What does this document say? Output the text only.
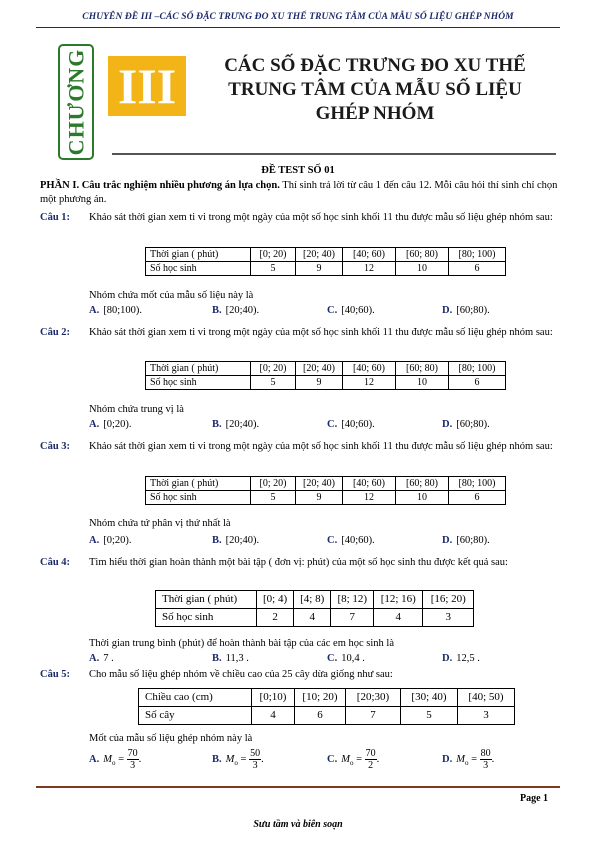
CHUYÊN ĐỀ III –CÁC SỐ ĐẶC TRƯNG ĐO XU THẾ TRUNG TÂM CỦA MẪU SỐ LIỆU GHÉP NHÓM
CHƯƠNG III	CÁC SỐ ĐẶC TRƯNG ĐO XU THẾ
TRUNG TÂM CỦA MẪU SỐ LIỆU
GHÉP NHÓM
ĐỀ TEST SỐ 01
PHẦN I. Câu trắc nghiệm nhiều phương án lựa chọn. Thí sinh trả lời từ câu 1 đến câu 12. Mỗi câu hỏi thí sinh chỉ chọn một phương án.
Câu 1: Khảo sát thời gian xem ti vi trong một ngày của một số học sinh khối 11 thu được mẫu số liệu ghép nhóm sau:
Thời gian ( phút)	[0; 20)	[20; 40)	[40; 60)	[60; 80)	[80; 100)
Số học sinh	5	9	12	10	6
Nhóm chứa mốt của mẫu số liệu này là
A. [80;100).	B. [20;40).	C. [40;60).	D. [60;80).
Câu 2: Khảo sát thời gian xem ti vi trong một ngày của một số học sinh khối 11 thu được mẫu số liệu ghép nhóm sau:
Thời gian ( phút)	[0; 20)	[20; 40)	[40; 60)	[60; 80)	[80; 100)
Số học sinh	5	9	12	10	6
Nhóm chứa trung vị là
A. [0;20).	B. [20;40).	C. [40;60).	D. [60;80).
Câu 3: Khảo sát thời gian xem ti vi trong một ngày của một số học sinh khối 11 thu được mẫu số liệu ghép nhóm sau:
Thời gian ( phút)	[0; 20)	[20; 40)	[40; 60)	[60; 80)	[80; 100)
Số học sinh	5	9	12	10	6
Nhóm chứa tứ phân vị thứ nhất là
A. [0;20).	B. [20;40).	C. [40;60).	D. [60;80).
Câu 4: Tìm hiểu thời gian hoàn thành một bài tập ( đơn vị: phút) của một số học sinh thu được kết quả sau:
Thời gian ( phút)	[0; 4)	[4; 8)	[8; 12)	[12; 16)	[16; 20)
Số học sinh	2	4	7	4	3
Thời gian trung bình (phút) để hoàn thành bài tập của các em học sinh là
A. 7 .	B. 11,3 .	C. 10,4 .	D. 12,5 .
Câu 5: Cho mẫu số liệu ghép nhóm về chiều cao của 25 cây dừa giống như sau:
Chiều cao (cm)	[0;10)	[10; 20)	[20;30)	[30; 40)	[40; 50)
Số cây	4	6	7	5	3
Mốt của mẫu số liệu ghép nhóm này là
A. $M_o = \frac{70}{3}$ .	B. $M_o = \frac{50}{3}$ .	C. $M_o = \frac{70}{2}$ .	D. $M_o = \frac{80}{3}$ .
Page 1
Sưu tầm và biên soạn
